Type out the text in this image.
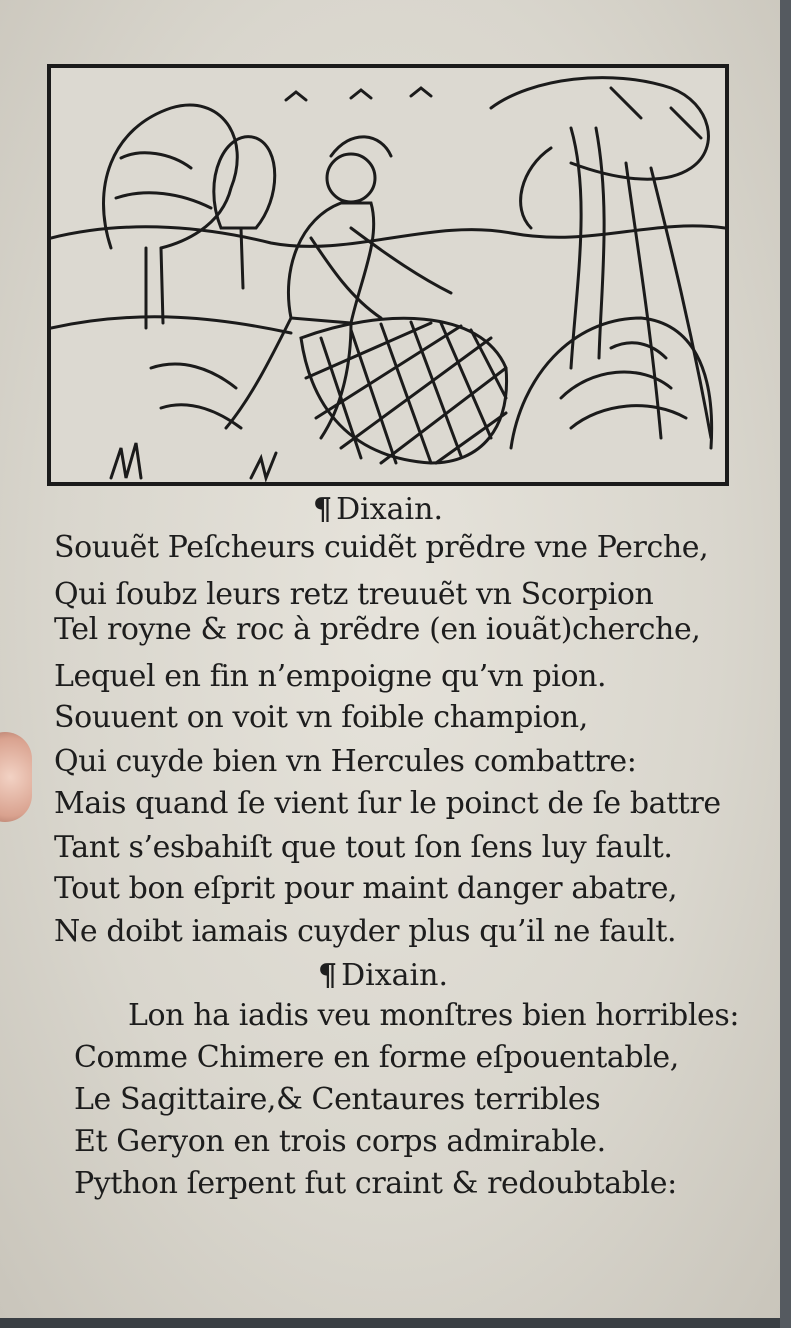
¶ Dixain.
Souuẽt Peſcheurs cuidẽt prẽdre vne Perche,
Qui ſoubz leurs retz treuuẽt vn Scorpion
Tel royne & roc à prẽdre (en iouãt)cherche,
Lequel en fin n’empoigne qu’vn pion.
Souuent on voit vn foible champion,
Qui cuyde bien vn Hercules combattre:
Mais quand ſe vient ſur le poinct de ſe battre
Tant s’esbahiſt que tout ſon ſens luy fault.
Tout bon eſprit pour maint danger abatre,
Ne doibt iamais cuyder plus qu’il ne fault.
¶ Dixain.
Lon ha iadis veu monſtres bien horribles:
Comme Chimere en forme eſpouentable,
Le Sagittaire,& Centaures terribles
Et Geryon en trois corps admirable.
Python ſerpent fut craint & redoubtable:
